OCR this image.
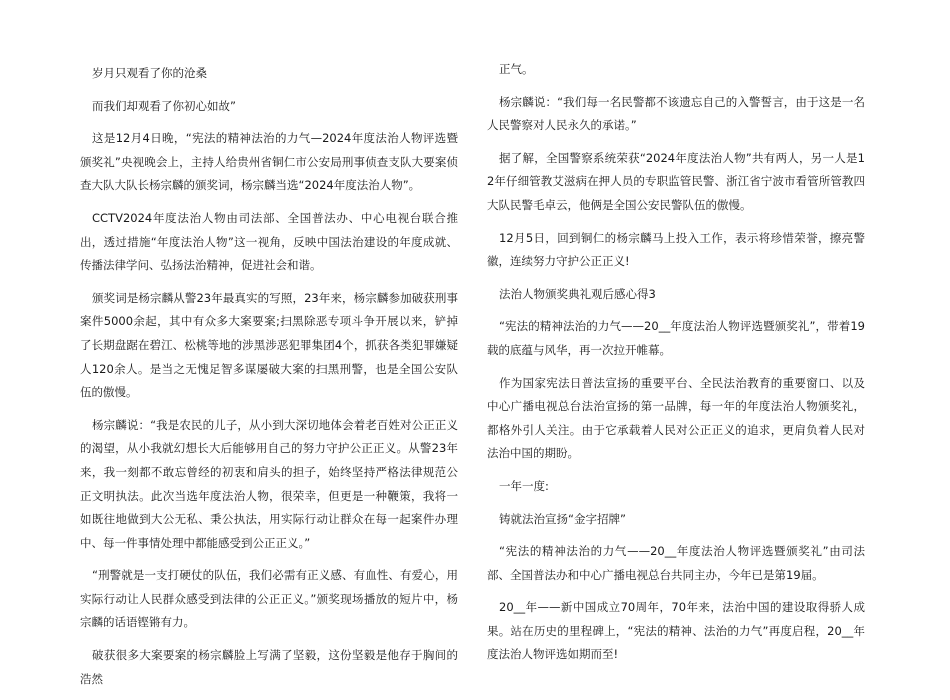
岁月只观看了你的沧桑

而我们却观看了你初心如故”

这是12月4日晚，“宪法的精神法治的力气—2024年度法治人物评选暨颁奖礼”央视晚会上，主持人给贵州省铜仁市公安局刑事侦查支队大要案侦查大队大队长杨宗麟的颁奖词，杨宗麟当选“2024年度法治人物”。

CCTV2024年度法治人物由司法部、全国普法办、中心电视台联合推出，透过措施“年度法治人物”这一视角，反映中国法治建设的年度成就、传播法律学问、弘扬法治精神，促进社会和谐。

颁奖词是杨宗麟从警23年最真实的写照，23年来，杨宗麟参加破获刑事案件5000余起，其中有众多大案要案;扫黑除恶专项斗争开展以来，铲掉了长期盘踞在碧江、松桃等地的涉黑涉恶犯罪集团4个，抓获各类犯罪嫌疑人120余人。是当之无愧足智多谋屡破大案的扫黑刑警，也是全国公安队伍的傲慢。

杨宗麟说：“我是农民的儿子，从小到大深切地体会着老百姓对公正正义的渴望，从小我就幻想长大后能够用自己的努力守护公正正义。从警23年来，我一刻都不敢忘曾经的初衷和肩头的担子，始终坚持严格法律规范公正文明执法。此次当选年度法治人物，很荣幸，但更是一种鞭策，我将一如既往地做到大公无私、秉公执法，用实际行动让群众在每一起案件办理中、每一件事情处理中都能感受到公正正义。”

“刑警就是一支打硬仗的队伍，我们必需有正义感、有血性、有爱心，用实际行动让人民群众感受到法律的公正正义。”颁奖现场播放的短片中，杨宗麟的话语铿锵有力。

破获很多大案要案的杨宗麟脸上写满了坚毅，这份坚毅是他存于胸间的浩然

正气。

杨宗麟说：“我们每一名民警都不该遗忘自己的入警誓言，由于这是一名人民警察对人民永久的承诺。”

据了解，全国警察系统荣获“2024年度法治人物”共有两人，另一人是12年仔细管教艾滋病在押人员的专职监管民警、浙江省宁波市看管所管教四大队民警毛卓云，他俩是全国公安民警队伍的傲慢。

12月5日，回到铜仁的杨宗麟马上投入工作，表示将珍惜荣誉，擦亮警徽，连续努力守护公正正义!

法治人物颁奖典礼观后感心得3

“宪法的精神法治的力气——20__年度法治人物评选暨颁奖礼”，带着19载的底蕴与风华，再一次拉开帷幕。

作为国家宪法日普法宣扬的重要平台、全民法治教育的重要窗口、以及中心广播电视总台法治宣扬的第一品牌，每一年的年度法治人物颁奖礼，都格外引人关注。由于它承载着人民对公正正义的追求，更肩负着人民对法治中国的期盼。

一年一度:

铸就法治宣扬“金字招牌”

“宪法的精神法治的力气——20__年度法治人物评选暨颁奖礼”由司法部、全国普法办和中心广播电视总台共同主办，今年已是第19届。

20__年——新中国成立70周年，70年来，法治中国的建设取得骄人成果。站在历史的里程碑上，“宪法的精神、法治的力气”再度启程，20__年度法治人物评选如期而至!
